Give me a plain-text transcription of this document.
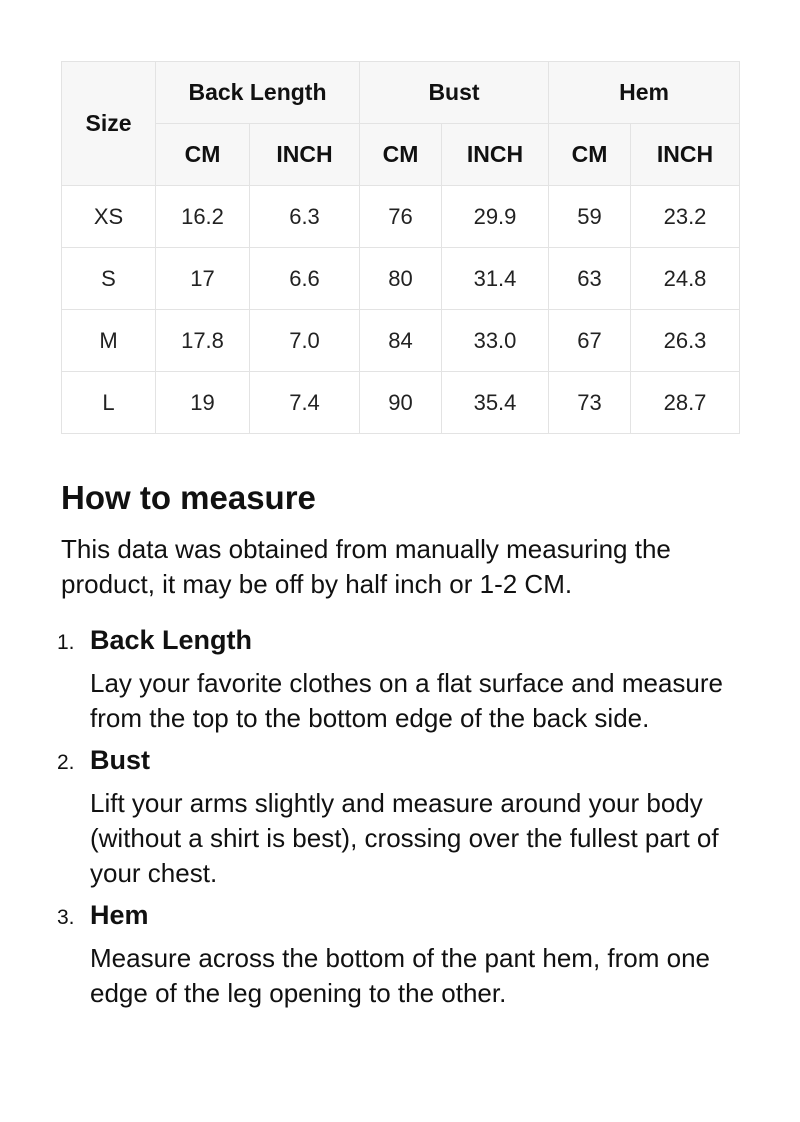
Size	Back Length		Bust		Hem	
	CM	INCH	CM	INCH	CM	INCH
XS	16.2	6.3	76	29.9	59	23.2
S	17	6.6	80	31.4	63	24.8
M	17.8	7.0	84	33.0	67	26.3
L	19	7.4	90	35.4	73	28.7
How to measure

This data was obtained from manually measuring the product, it may be off by half inch or 1-2 CM.

1. Back Length

Lay your favorite clothes on a flat surface and measure from the top to the bottom edge of the back side.

2. Bust

Lift your arms slightly and measure around your body (without a shirt is best), crossing over the fullest part of your chest.

3. Hem

Measure across the bottom of the pant hem, from one edge of the leg opening to the other.
